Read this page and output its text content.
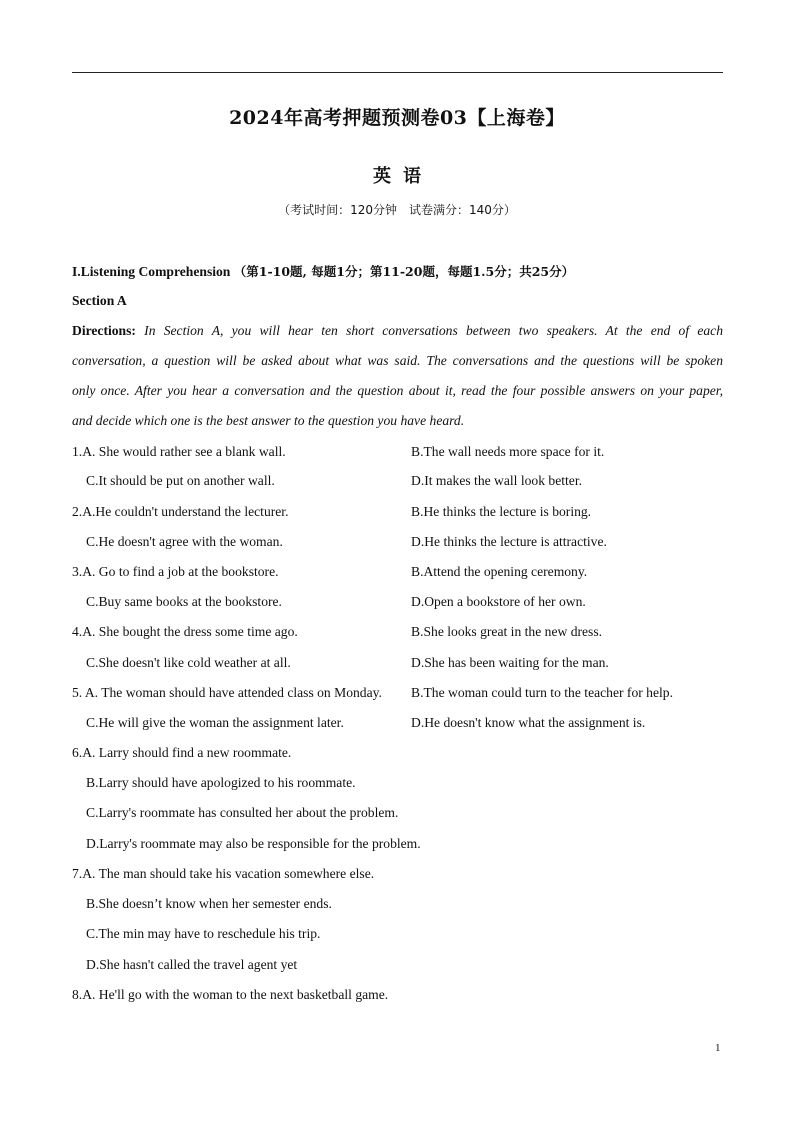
2024年高考押题预测卷03【上海卷】
英语
（考试时间：120分钟　试卷满分：140分）
I.Listening Comprehension （第1-10题, 每题1分；第11-20题，每题1.5分；共25分）
Section A
Directions: In Section A, you will hear ten short conversations between two speakers. At the end of each
conversation, a question will be asked about what was said. The conversations and the questions will be spoken
only once. After you hear a conversation and the question about it, read the four possible answers on your paper,
and decide which one is the best answer to the question you have heard.
1.A. She would rather see a blank wall.	B.The wall needs more space for it.
C.It should be put on another wall.	D.It makes the wall look better.
2.A.He couldn't understand the lecturer.	B.He thinks the lecture is boring.
C.He doesn't agree with the woman.	D.He thinks the lecture is attractive.
3.A. Go to find a job at the bookstore.	B.Attend the opening ceremony.
C.Buy same books at the bookstore.	D.Open a bookstore of her own.
4.A. She bought the dress some time ago.	B.She looks great in the new dress.
C.She doesn't like cold weather at all.	D.She has been waiting for the man.
5. A. The woman should have attended class on Monday. B.The woman could turn to the teacher for help.
C.He will give the woman the assignment later.	D.He doesn't know what the assignment is.
6.A. Larry should find a new roommate.
B.Larry should have apologized to his roommate.
C.Larry's roommate has consulted her about the problem.
D.Larry's roommate may also be responsible for the problem.
7.A. The man should take his vacation somewhere else.
B.She doesn’t know when her semester ends.
C.The min may have to reschedule his trip.
D.She hasn't called the travel agent yet
8.A. He'll go with the woman to the next basketball game.
1
